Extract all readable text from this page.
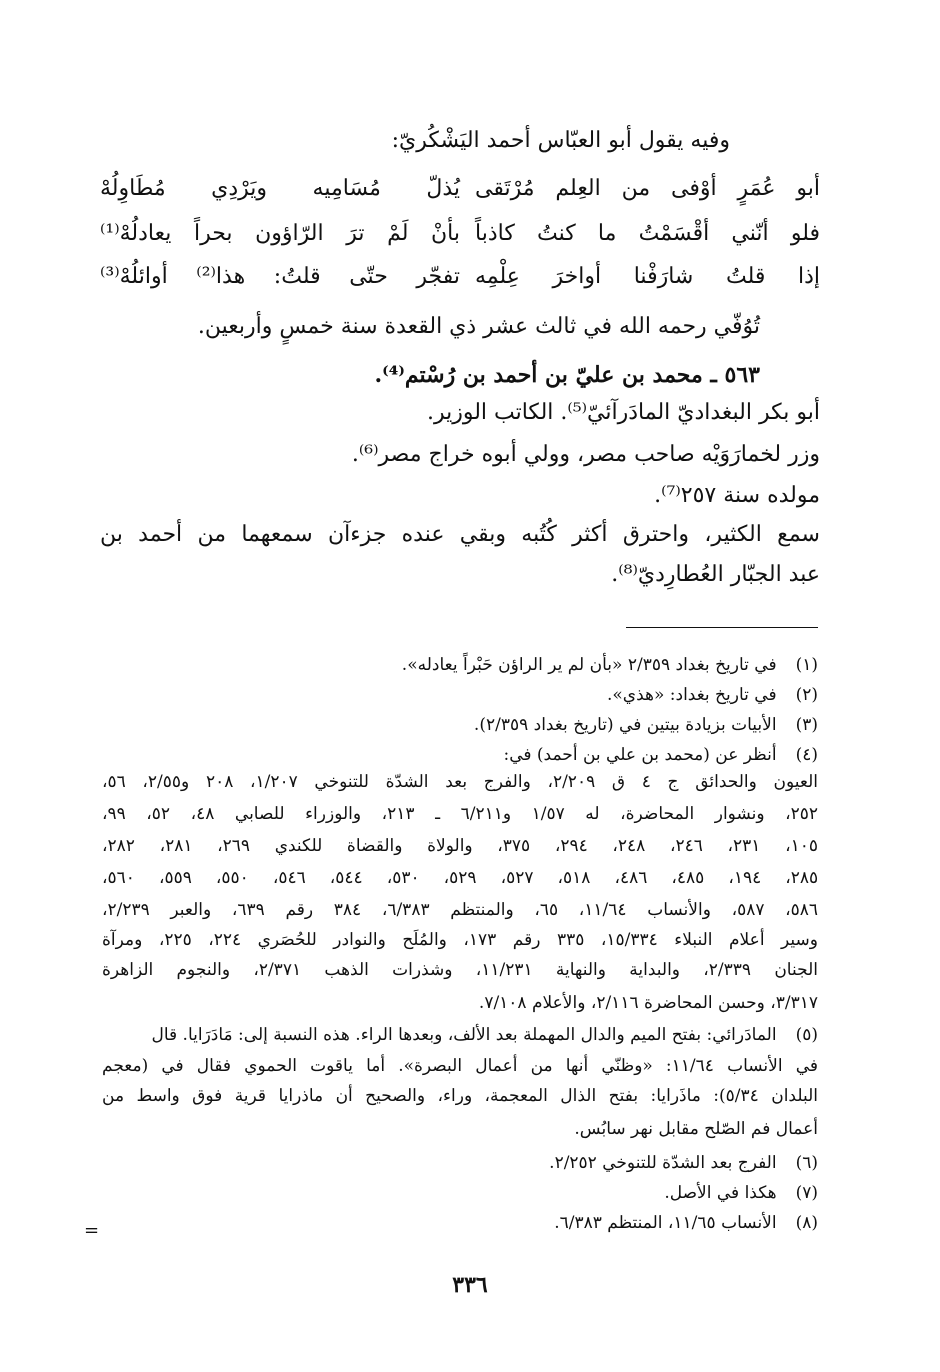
وفيه يقول أبو العبّاس أحمد اليَشْكُريّ:
أبو عُمَرٍ أوْفى من العِلم مُرْتَقى
يُذلّ مُسَامِيه ويَرْدِي مُطَاوِلُهْ
فلو أنّني أقْسَمْتُ ما كنتُ كاذباً
بأنْ لَمْ ترَ الرّاؤون بحراً يعادلُهْ⁽¹⁾
إذا قلتُ شارَفْنا أواخرَ عِلْمِه
تفجّر حتّى قلتُ: هذا⁽²⁾ أوائلُهْ⁽³⁾
تُوُفّي رحمه الله في ثالث عشر ذي القعدة سنة خمسٍ وأربعين.
٥٦٣ ـ محمد بن عليّ بن أحمد بن رُسْتم⁽⁴⁾.
أبو بكر البغداديّ المادَرآئيّ⁽⁵⁾. الكاتب الوزير.
وزر لخمارَوَيْه صاحب مصر، وولي أبوه خراج مصر⁽⁶⁾.
مولده سنة ٢٥٧⁽⁷⁾.
سمع الكثير، واحترق أكثر كُتُبه وبقي عنده جزءآن سمعهما من أحمد بن
عبد الجبّار العُطارِديّ⁽⁸⁾.
(١) في تاريخ بغداد ٢/٣٥٩ «بأن لم ير الراؤن حَبْراً يعادله».
(٢) في تاريخ بغداد: «هذي».
(٣) الأبيات بزيادة بيتين في (تاريخ بغداد ٢/٣٥٩).
(٤) أنظر عن (محمد بن علي بن أحمد) في:
العيون والحدائق ج ٤ ق ٢/٢٠٩، والفرج بعد الشدّة للتنوخي ١/٢٠٧، ٢٠٨ و٢/٥٥، ٥٦،
٢٥٢، ونشوار المحاضرة، له ١/٥٧ و٦/٢١١ ـ ٢١٣، والوزراء للصابي ٤٨، ٥٢، ٩٩،
١٠٥، ٢٣١، ٢٤٦، ٢٤٨، ٢٩٤، ٣٧٥، والولاة والقضاة للكندي ٢٦٩، ٢٨١، ٢٨٢،
٢٨٥، ١٩٤، ٤٨٥، ٤٨٦، ٥١٨، ٥٢٧، ٥٢٩، ٥٣٠، ٥٤٤، ٥٤٦، ٥٥٠، ٥٥٩، ٥٦٠،
٥٨٦، ٥٨٧، والأنساب ١١/٦٤، ٦٥، والمنتظم ٦/٣٨٣، ٣٨٤ رقم ٦٣٩، والعبر ٢/٢٣٩،
وسير أعلام النبلاء ١٥/٣٣٤، ٣٣٥ رقم ١٧٣، والمُلَح والنوادر للحُصَري ٢٢٤، ٢٢٥، ومرآة
الجنان ٢/٣٣٩، والبداية والنهاية ١١/٢٣١، وشذرات الذهب ٢/٣٧١، والنجوم الزاهرة
٣/٣١٧، وحسن المحاضرة ٢/١١٦، والأعلام ٧/١٠٨.
(٥) المادَرائي: بفتح الميم والدال المهملة بعد الألف، وبعدها الراء. هذه النسبة إلى: مَادَرَايا. قال
في الأنساب ١١/٦٤: «وظنّي أنها من أعمال البصرة». أما ياقوت الحموي فقال في (معجم
البلدان ٥/٣٤): ماذَرايا: بفتح الذال المعجمة، وراء، والصحيح أن ماذرايا قرية فوق واسط من
أعمال فم الصّلح مقابل نهر سابُس.
(٦) الفرج بعد الشدّة للتنوخي ٢/٢٥٢.
(٧) هكذا في الأصل.
(٨) الأنساب ١١/٦٥، المنتظم ٦/٣٨٣.
=
٣٣٦
